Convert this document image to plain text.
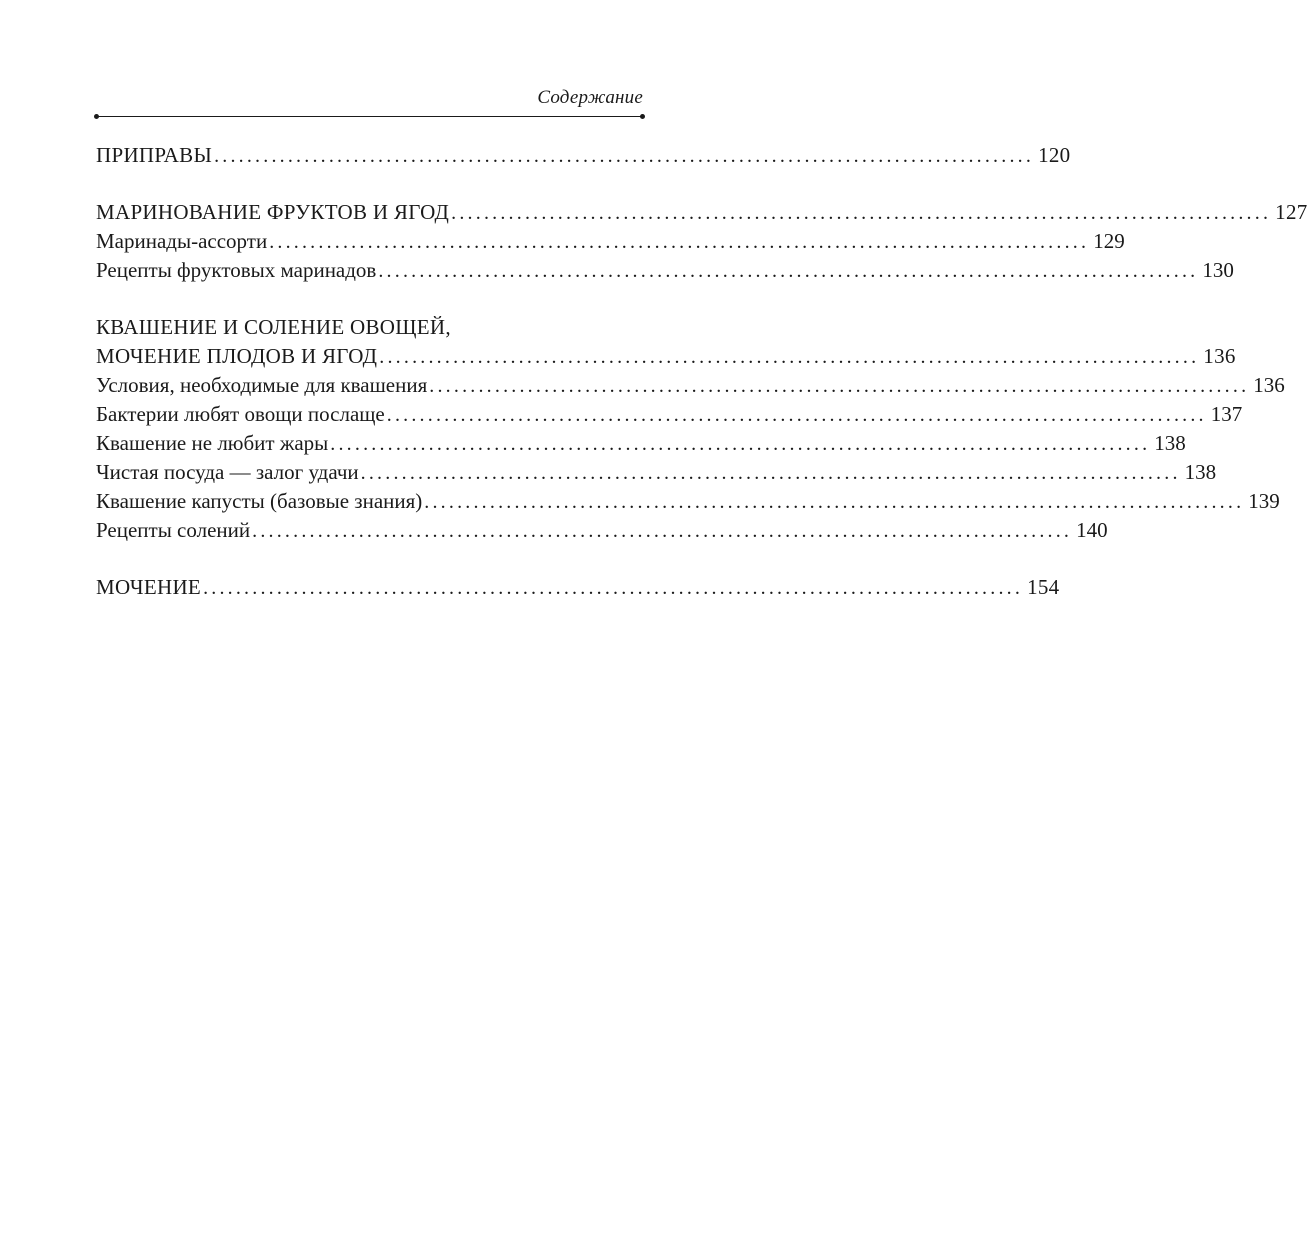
Содержание
ПРИПРАВЫ .................................................................................................... 120
МАРИНОВАНИЕ ФРУКТОВ И ЯГОД .................................................................................................... 127
Маринады-ассорти .................................................................................................... 129
Рецепты фруктовых маринадов .................................................................................................... 130
КВАШЕНИЕ И СОЛЕНИЕ ОВОЩЕЙ,
МОЧЕНИЕ ПЛОДОВ И ЯГОД .................................................................................................... 136
Условия, необходимые для квашения .................................................................................................... 136
Бактерии любят овощи послаще .................................................................................................... 137
Квашение не любит жары .................................................................................................... 138
Чистая посуда — залог удачи .................................................................................................... 138
Квашение капусты (базовые знания) .................................................................................................... 139
Рецепты солений .................................................................................................... 140
МОЧЕНИЕ .................................................................................................... 154
